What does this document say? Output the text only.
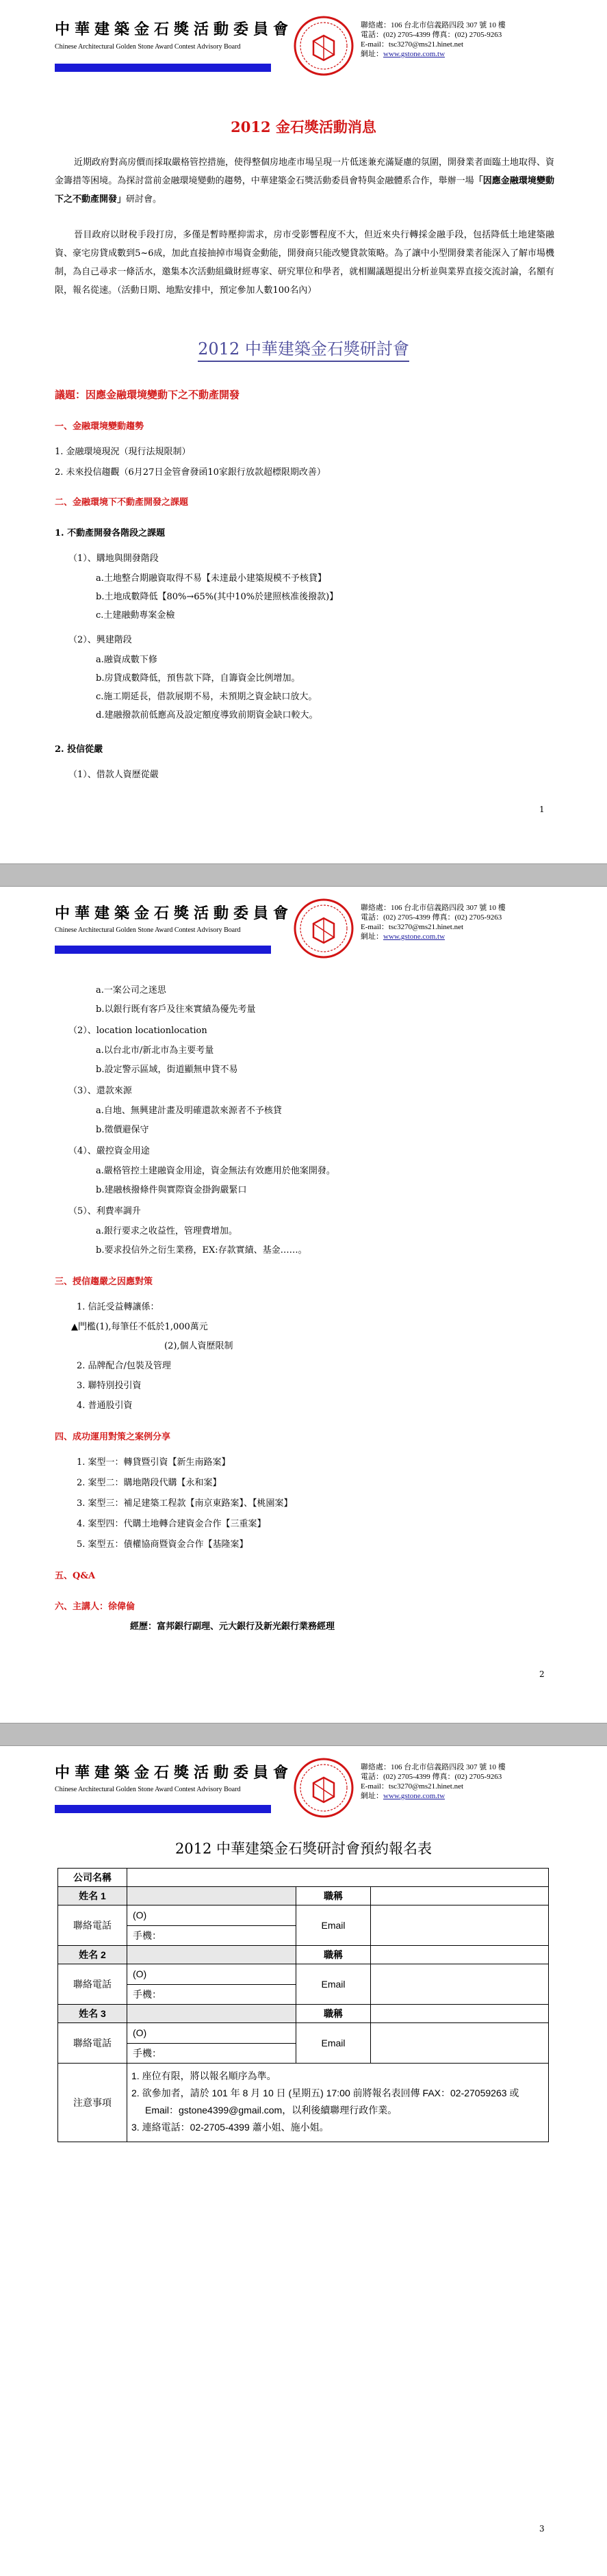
中華建築金石獎活動委員會
Chinese Architectural Golden Stone Award Contest Advisory Board
聯絡處：106 台北市信義路四段 307 號 10 樓
電話：(02) 2705-4399 傳真：(02) 2705-9263
E-mail：tsc3270@ms21.hinet.net
網址：www.gstone.com.tw
2012 金石獎活動消息
近期政府對高房價而採取嚴格管控措施，使得整個房地產市場呈現一片低迷兼充滿疑慮的氛圍，開發業者面臨土地取得、資金籌措等困境。為探討當前金融環境變動的趨勢，中華建築金石獎活動委員會特與金融體系合作，舉辦一場「因應金融環境變動下之不動產開發」研討會。
晉目政府以財稅手段打房，多僅是暫時壓抑需求，房市受影響程度不大，但近來央行轉採金融手段，包括降低土地建築融資、豪宅房貸成數到5~6成，加此直接抽掉市場資金動能，開發商只能改變貸款策略。為了讓中小型開發業者能深入了解市場機制，為自己尋求一條活水，邀集本次活動組織財經專家、研究單位和學者，就相關議題提出分析並與業界直接交流討論，名額有限，報名從速。（活動日期、地點安排中，預定參加人數100名內）
2012 中華建築金石獎研討會
議題：因應金融環境變動下之不動產開發
一、金融環境變動趨勢
1. 金融環境現況（現行法規限制）
2. 未來投信趨觀（6月27日金管會發函10家銀行放款超標限期改善）
二、金融環境下不動產開發之課題
1. 不動產開發各階段之課題
（1）、購地與開發階段
a.土地整合期融資取得不易【未達最小建築規模不予核貸】
b.土地成數降低【80%→65%(其中10%於建照核准後撥款)】
c.土建融動專案金檢
（2）、興建階段
a.融資成數下修
b.房貸成數降低，預售款下降，自籌資金比例增加。
c.施工期延長，借款展期不易，未預期之資金缺口放大。
d.建融撥款前低應高及設定額度導致前期資金缺口較大。
2. 投信從嚴
（1）、借款人資歷從嚴
1
中華建築金石獎活動委員會
Chinese Architectural Golden Stone Award Contest Advisory Board
聯絡處：106 台北市信義路四段 307 號 10 樓
電話：(02) 2705-4399 傳真：(02) 2705-9263
E-mail：tsc3270@ms21.hinet.net
網址：www.gstone.com.tw
a.一案公司之迷思
b.以銀行既有客戶及往來實績為優先考量
（2）、location locationlocation
a.以台北市/新北市為主要考量
b.設定警示區域，街道顯無申貸不易
（3）、還款來源
a.自地、無興建計畫及明確還款來源者不予核貸
b.徵價避保守
（4）、嚴控資金用途
a.嚴格管控土建融資金用途，資金無法有效應用於他案開發。
b.建融核撥條件與實際資金掛鉤嚴緊口
（5）、利費率調升
a.銀行要求之收益性，管理費增加。
b.要求投信外之衍生業務，EX:存款實績、基金……。
三、授信趨嚴之因應對策
1. 信託受益轉讓係：
▲門檻(1),每筆任不低於1,000萬元
(2),個人資歷限制
2. 品牌配合/包裝及管理
3. 聯特別投引資
4. 普通股引資
四、成功運用對策之案例分享
1. 案型一：轉貸暨引資【新生南路案】
2. 案型二：購地階段代購【永和案】
3. 案型三：補足建築工程款【南京東路案】、【桃園案】
4. 案型四：代購土地轉合建資金合作【三重案】
5. 案型五：債權協商暨資金合作【基隆案】
五、Q&A
六、主講人：徐偉倫
經歷：富邦銀行副理、元大銀行及新光銀行業務經理
2
中華建築金石獎活動委員會
Chinese Architectural Golden Stone Award Contest Advisory Board
聯絡處：106 台北市信義路四段 307 號 10 樓
電話：(02) 2705-4399 傳真：(02) 2705-9263
E-mail：tsc3270@ms21.hinet.net
網址：www.gstone.com.tw
2012 中華建築金石獎研討會預約報名表
公司名稱			
姓名 1		職稱	
聯絡電話	(O)	Email	
	手機：		
姓名 2		職稱	
聯絡電話	(O)	Email	
	手機：		
姓名 3		職稱	
聯絡電話	(O)	Email	
	手機：		
注意事項	1. 座位有限，將以報名順序為準。
2. 欲參加者，請於 101 年 8 月 10 日 (星期五) 17:00 前將報名表回傳 FAX：02-27059263 或 Email：gstone4399@gmail.com，以利後續聯理行政作業。
3. 連絡電話：02-2705-4399 蕭小姐、施小姐。		
3
